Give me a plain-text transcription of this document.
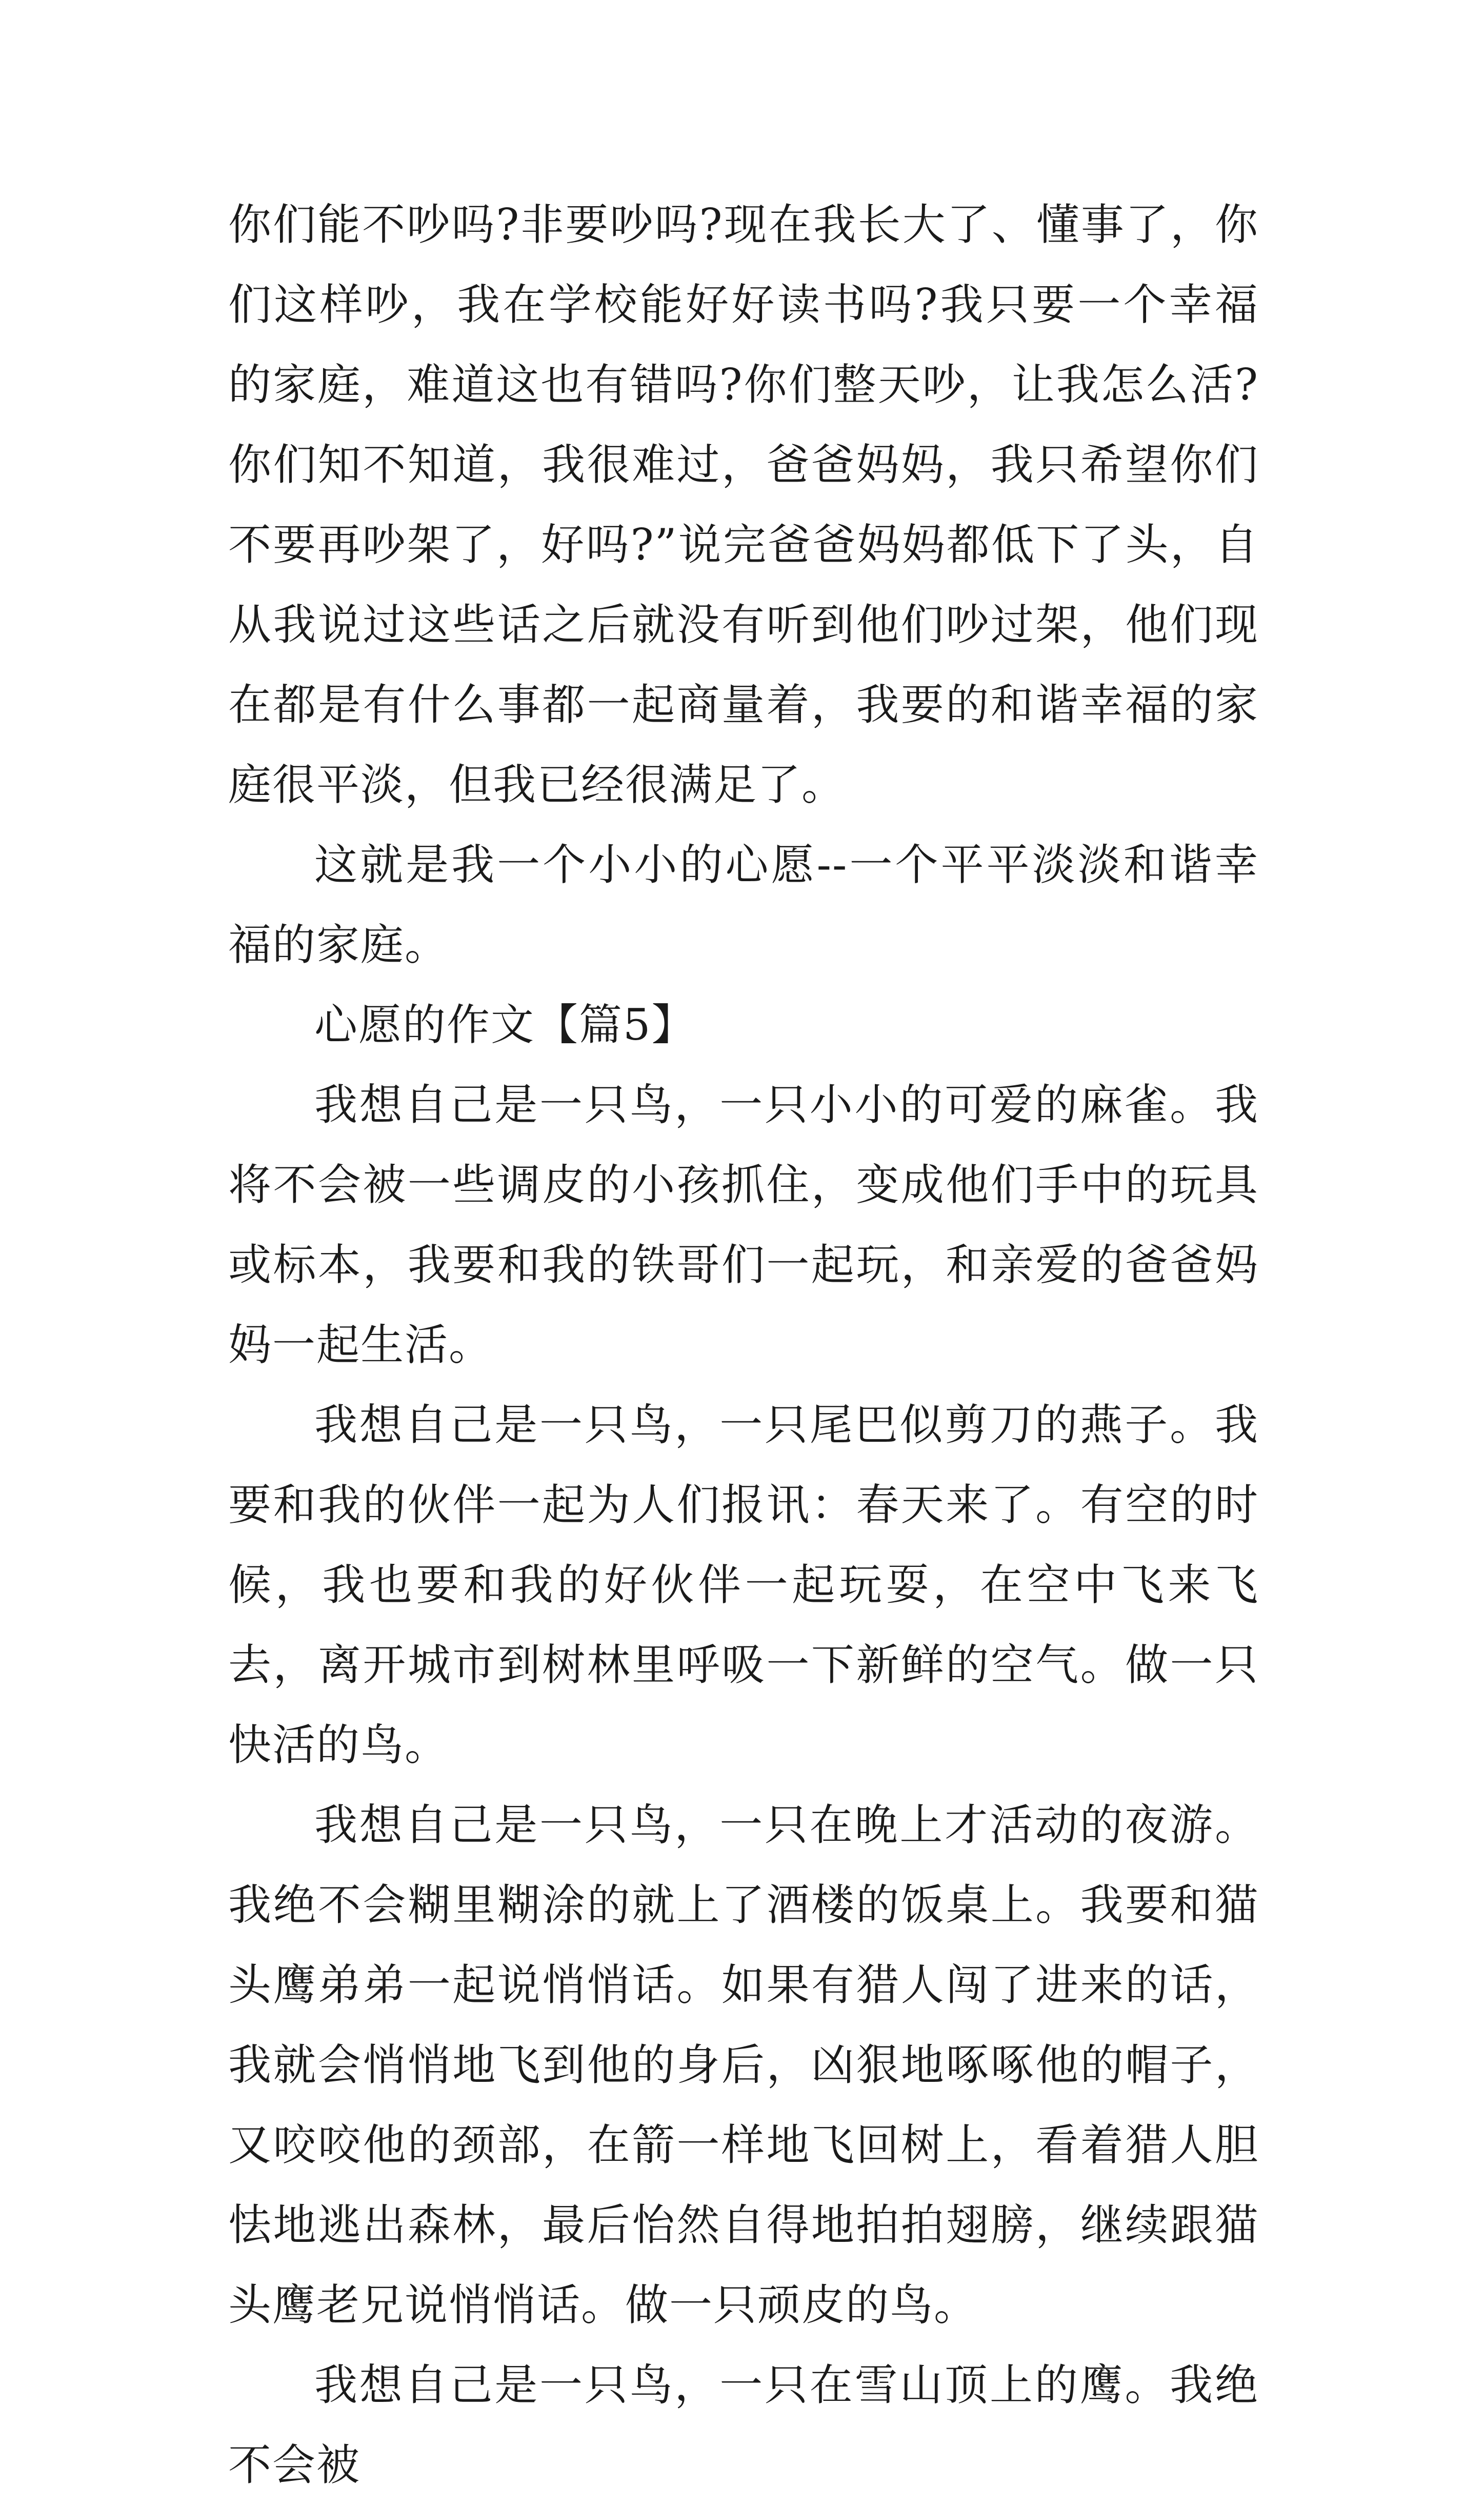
你们能不吵吗?非要吵吗?现在我长大了、懂事了，你们这样吵，我在学校能好好读书吗?我只要一个幸福的家庭，难道这也有错吗?你们整天吵，让我怎么活?你们知不知道，我很难过，爸爸妈妈，我只希望你们不要再吵架了，好吗?”说完爸爸妈妈都低下了头，自从我说过这些话之后就没有听到他们吵过架，他们现在都是有什么事都一起商量着，我要的和谐幸福的家庭很平淡，但我已经很满足了。

这就是我一个小小的心愿--一个平平淡淡和谐幸福的家庭。

心愿的作文【篇5】

我想自己是一只鸟，一只小小的可爱的麻雀。我将不会被一些调皮的小孩抓住，变成他们手中的玩具或标本，我要和我的铁哥们一起玩，和亲爱的爸爸妈妈一起生活。

我想自己是一只鸟，一只尾巴似剪刀的燕子。我要和我的伙伴一起为人们报讯：春天来了。有空的时候，我也要和我的好伙伴一起玩耍，在空中飞来飞去，离开城市到树林里呼吸一下新鲜的空气。做一只快活的鸟。

我想自己是一只鸟，一只在晚上才活动的夜游。我绝不会糊里糊涂的就上了酒楼的饭桌上。我要和猫头鹰弟弟一起说悄悄话。如果有猎人闯了进来的话，我就会悄悄地飞到他的身后，凶狠地啄啄他的帽子，又咬咬他的颈部，在箭一样地飞回树上，看着猎人胆怯地逃出森林，最后怡然自得地拍拍翅膀，继续跟猫头鹰老兄说悄悄话。做一只顽皮的鸟。

我想自己是一只鸟，一只在雪山顶上的鹰。我绝不会被
